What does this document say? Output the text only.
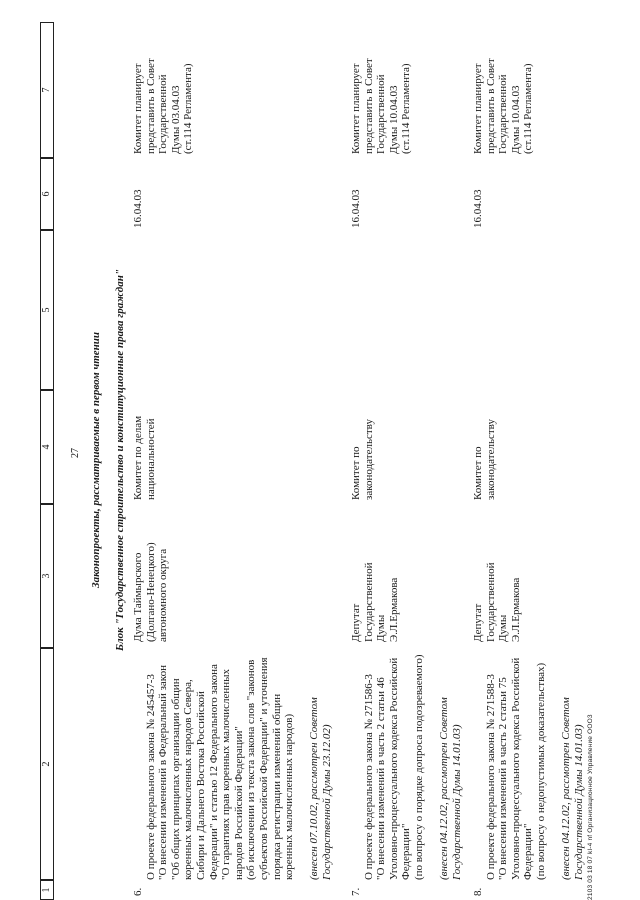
1
2
3
4
5
6
7
27 Законопроекты, рассматриваемые в первом чтении Блок "Государственное строительство и конституционные права граждан"
6.

О проекте федерального закона № 245457-3
"О внесении изменений в Федеральный закон
"Об общих принципах организации общин
коренных малочисленных народов Севера,
Сибири и Дальнего Востока Российской
Федерации" и статью 12 Федерального закона
"О гарантиях прав коренных малочисленных
народов Российской Федерации"
(об исключении из текста закона слов "законов
субъектов Российской Федерации" и уточнения
порядка регистрации изменений общин
коренных малочисленных народов)

(внесен 07.10.02, рассмотрен Советом
Государственной Думы 23.12.02)

Дума Таймырского
(Долгано-Ненецкого)
автономного округа
Комитет по делам
национальностей
16.04.03
Комитет планирует
представить в Совет
Государственной
Думы 03.04.03
(ст.114 Регламента)
7.

О проекте федерального закона № 271586-3
"О внесении изменений в часть 2 статьи 46
Уголовно-процессуального кодекса Российской
Федерации"
(по вопросу о порядке допроса подозреваемого)

(внесен 04.12.02, рассмотрен Советом
Государственной Думы 14.01.03)

Депутат
Государственной
Думы
Э.Л.Ермакова
Комитет по
законодательству
16.04.03
Комитет планирует
представить в Совет
Государственной
Думы 10.04.03
(ст.114 Регламента)
8.

О проекте федерального закона № 271588-3
"О внесении изменений в часть 2 статьи 75
Уголовно-процессуального кодекса Российской
Федерации"
(по вопросу о недопустимых доказательствах)

(внесен 04.12.02, рассмотрен Советом
Государственной Думы 14.01.03)

Депутат
Государственной
Думы
Э.Л.Ермакова
Комитет по
законодательству
16.04.03
Комитет планирует
представить в Совет
Государственной
Думы 10.04.03
(ст.114 Регламента)
2103 03 18 07 kl-4 nf Организационное Управление ООО3
